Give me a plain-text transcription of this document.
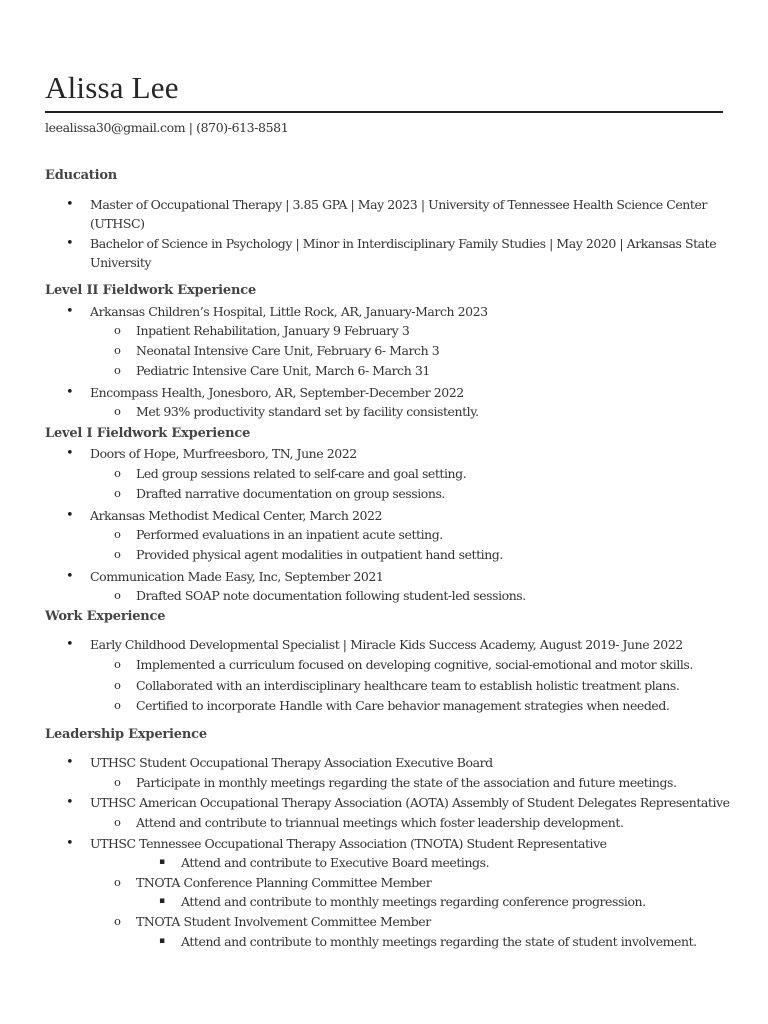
Alissa Lee
leealissa30@gmail.com | (870)-613-8581
Education
• Master of Occupational Therapy | 3.85 GPA | May 2023 | University of Tennessee Health Science Center
(UTHSC)
• Bachelor of Science in Psychology | Minor in Interdisciplinary Family Studies | May 2020 | Arkansas State
University
Level II Fieldwork Experience
• Arkansas Children’s Hospital, Little Rock, AR, January-March 2023
o Inpatient Rehabilitation, January 9 February 3
o Neonatal Intensive Care Unit, February 6- March 3
o Pediatric Intensive Care Unit, March 6- March 31
• Encompass Health, Jonesboro, AR, September-December 2022
o Met 93% productivity standard set by facility consistently.
Level I Fieldwork Experience
• Doors of Hope, Murfreesboro, TN, June 2022
o Led group sessions related to self-care and goal setting.
o Drafted narrative documentation on group sessions.
• Arkansas Methodist Medical Center, March 2022
o Performed evaluations in an inpatient acute setting.
o Provided physical agent modalities in outpatient hand setting.
• Communication Made Easy, Inc, September 2021
o Drafted SOAP note documentation following student-led sessions.
Work Experience
• Early Childhood Developmental Specialist | Miracle Kids Success Academy, August 2019- June 2022
o Implemented a curriculum focused on developing cognitive, social-emotional and motor skills.
o Collaborated with an interdisciplinary healthcare team to establish holistic treatment plans.
o Certified to incorporate Handle with Care behavior management strategies when needed.
Leadership Experience
• UTHSC Student Occupational Therapy Association Executive Board
o Participate in monthly meetings regarding the state of the association and future meetings.
• UTHSC American Occupational Therapy Association (AOTA) Assembly of Student Delegates Representative
o Attend and contribute to triannual meetings which foster leadership development.
• UTHSC Tennessee Occupational Therapy Association (TNOTA) Student Representative
▪ Attend and contribute to Executive Board meetings.
o TNOTA Conference Planning Committee Member
▪ Attend and contribute to monthly meetings regarding conference progression.
o TNOTA Student Involvement Committee Member
▪ Attend and contribute to monthly meetings regarding the state of student involvement.
